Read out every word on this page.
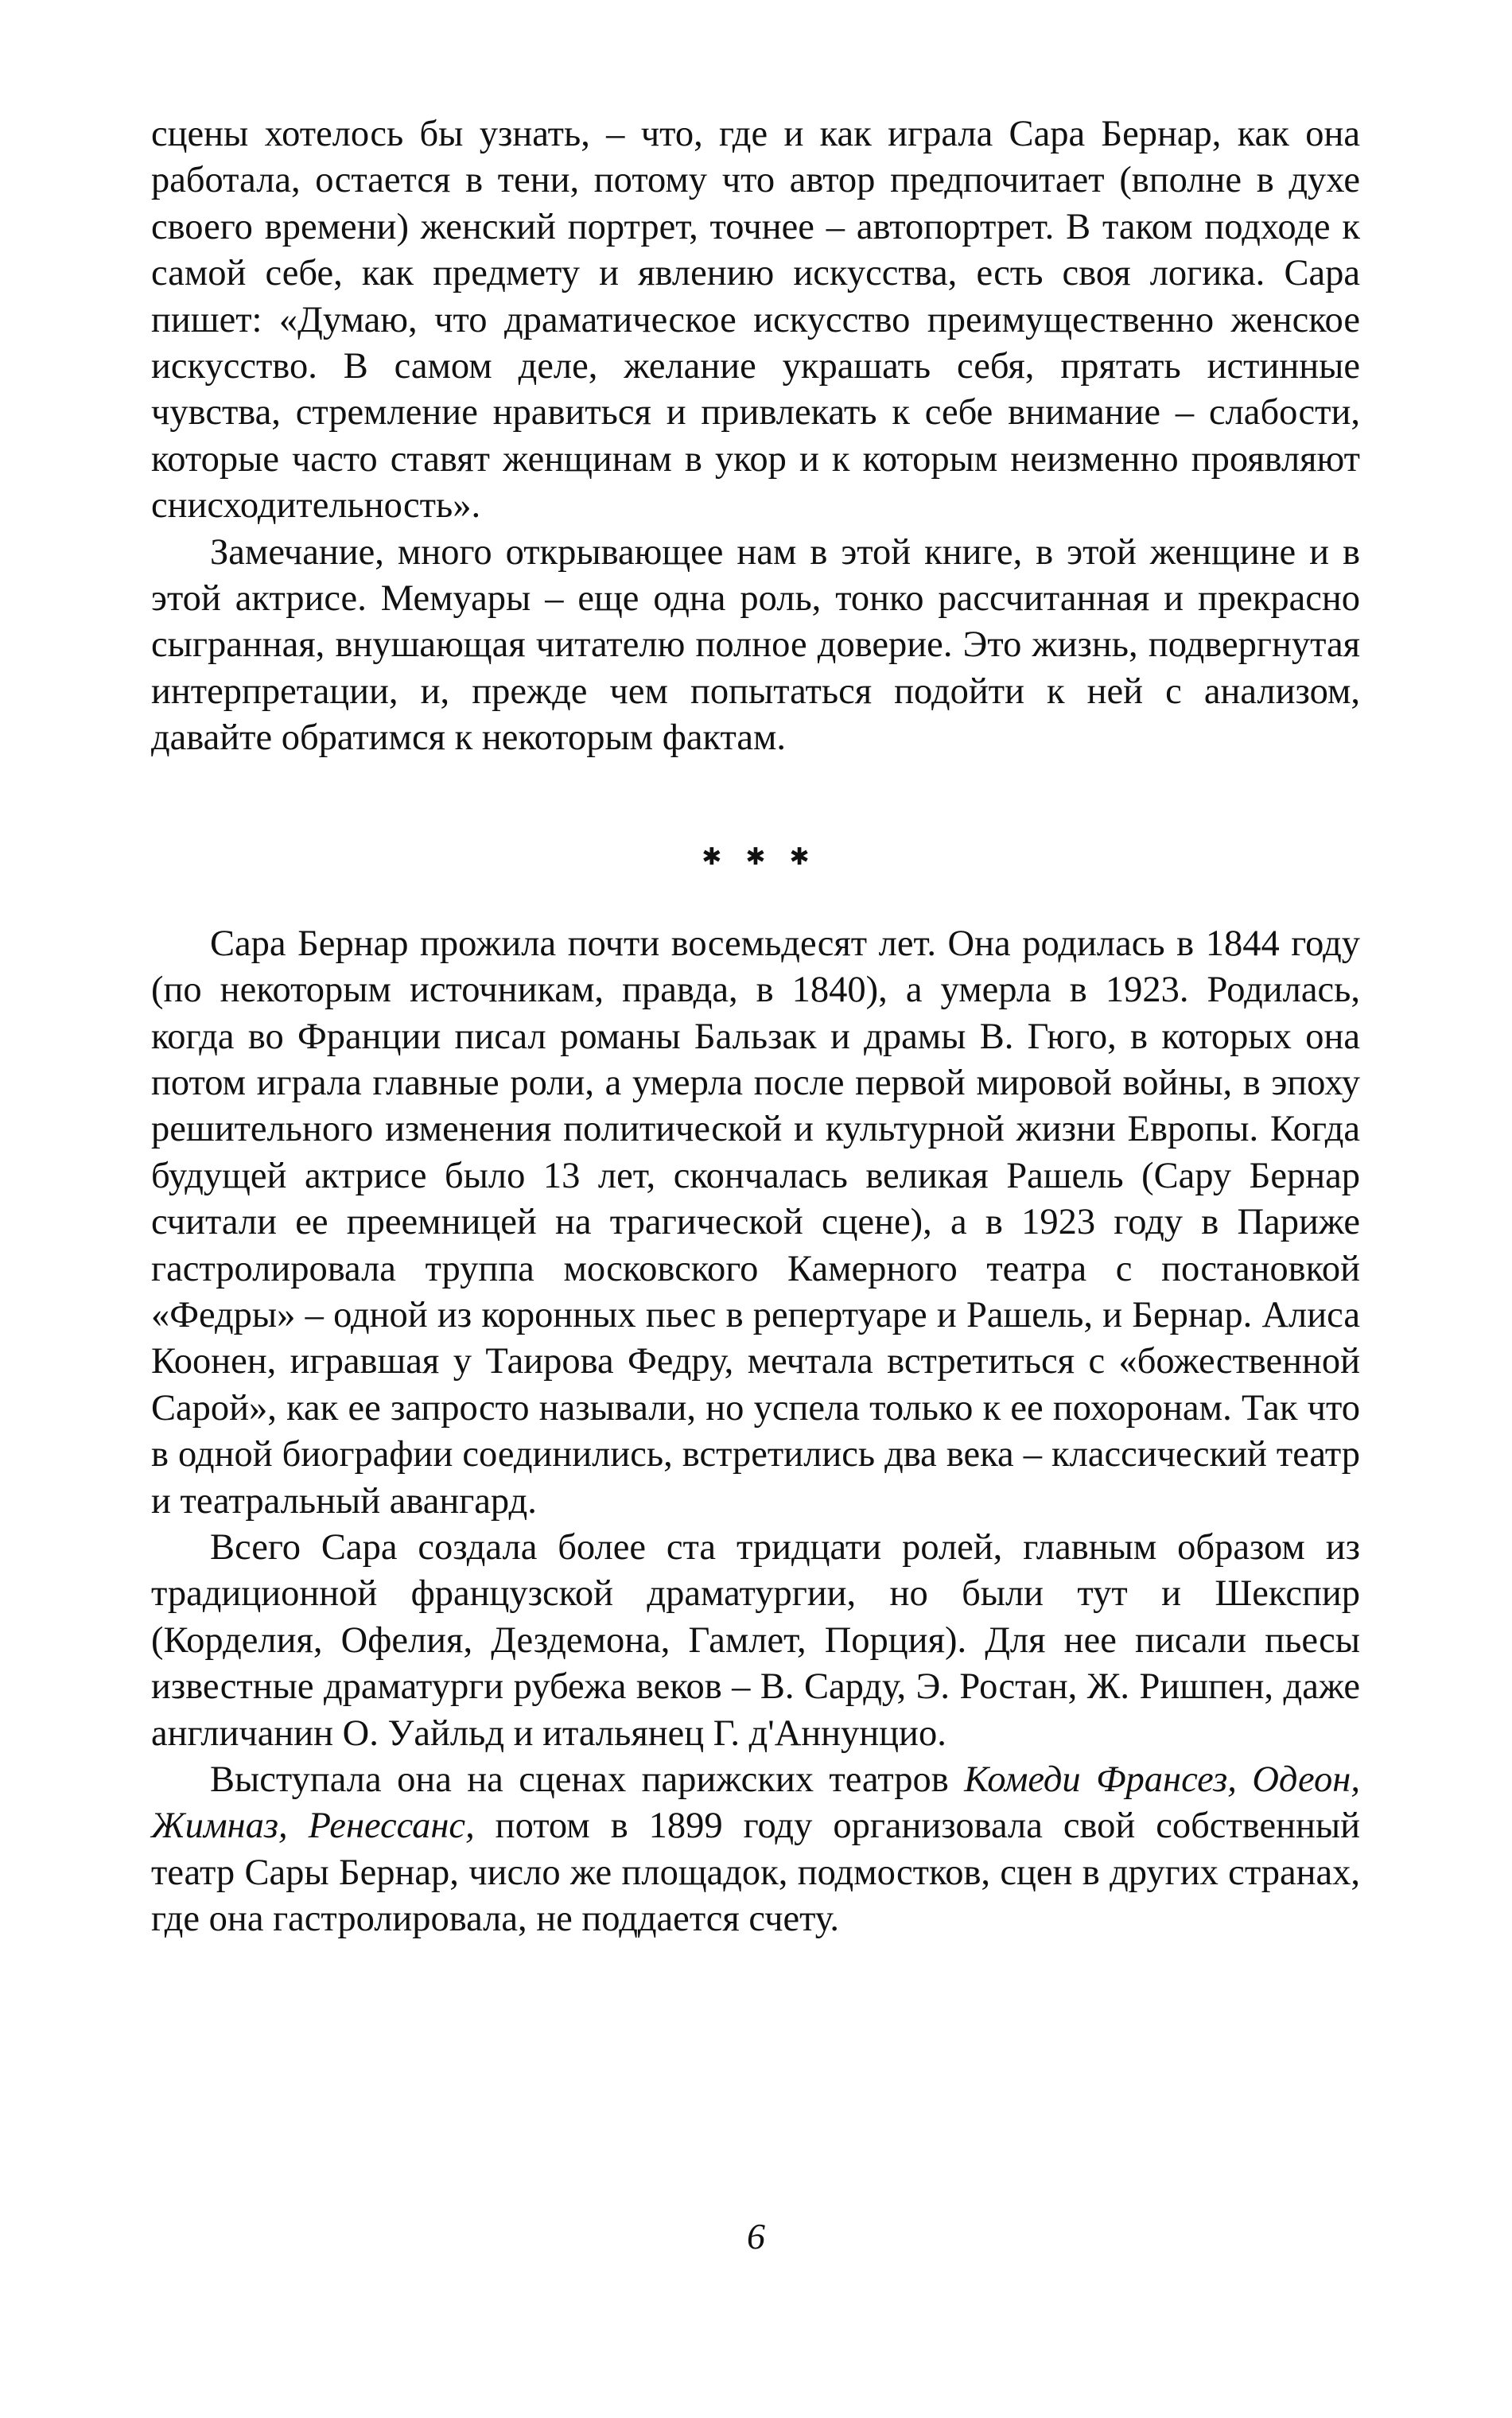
сцены хотелось бы узнать, – что, где и как играла Сара Бернар, как она работала, остается в тени, потому что автор предпочитает (вполне в духе своего времени) женский портрет, точнее – автопортрет. В таком подходе к самой себе, как предмету и явлению искусства, есть своя логика. Сара пишет: «Думаю, что драматическое искусство преимущественно женское искусство. В самом деле, желание украшать себя, прятать истинные чувства, стремление нравиться и привлекать к себе внимание – слабости, которые часто ставят женщинам в укор и к которым неизменно проявляют снисходительность».

Замечание, много открывающее нам в этой книге, в этой женщине и в этой актрисе. Мемуары – еще одна роль, тонко рассчитанная и прекрасно сыгранная, внушающая читателю полное доверие. Это жизнь, подвергнутая интерпретации, и, прежде чем попытаться подойти к ней с анализом, давайте обратимся к некоторым фактам.

✱✱✱

Сара Бернар прожила почти восемьдесят лет. Она родилась в 1844 году (по некоторым источникам, правда, в 1840), а умерла в 1923. Родилась, когда во Франции писал романы Бальзак и драмы В. Гюго, в которых она потом играла главные роли, а умерла после первой мировой войны, в эпоху решительного изменения политической и культурной жизни Европы. Когда будущей актрисе было 13 лет, скончалась великая Рашель (Сару Бернар считали ее преемницей на трагической сцене), а в 1923 году в Париже гастролировала труппа московского Камерного театра с постановкой «Федры» – одной из коронных пьес в репертуаре и Рашель, и Бернар. Алиса Коонен, игравшая у Таирова Федру, мечтала встретиться с «божественной Сарой», как ее запросто называли, но успела только к ее похоронам. Так что в одной биографии соединились, встретились два века – классический театр и театральный авангард.

Всего Сара создала более ста тридцати ролей, главным образом из традиционной французской драматургии, но были тут и Шекспир (Корделия, Офелия, Дездемона, Гамлет, Порция). Для нее писали пьесы известные драматурги рубежа веков – В. Сарду, Э. Ростан, Ж. Ришпен, даже англичанин О. Уайльд и итальянец Г. д'Аннунцио.

Выступала она на сценах парижских театров Комеди Франсез, Одеон, Жимназ, Ренессанс, потом в 1899 году организовала свой собственный театр Сары Бернар, число же площадок, подмостков, сцен в других странах, где она гастролировала, не поддается счету.

6
